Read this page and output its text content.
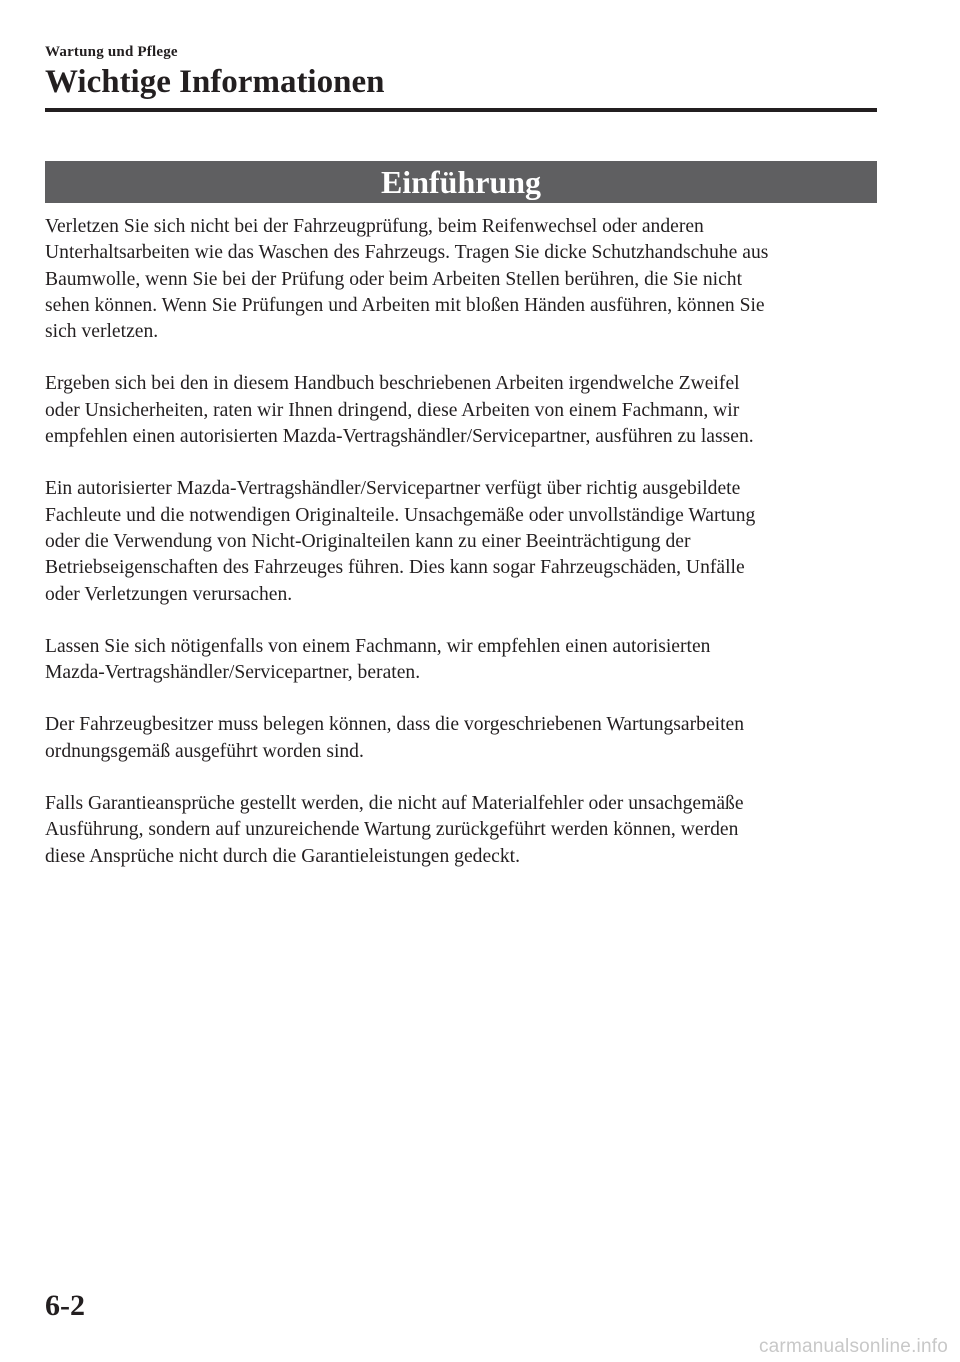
Wartung und Pflege
Wichtige Informationen
Einführung

Verletzen Sie sich nicht bei der Fahrzeugprüfung, beim Reifenwechsel oder anderen
Unterhaltsarbeiten wie das Waschen des Fahrzeugs. Tragen Sie dicke Schutzhandschuhe aus
Baumwolle, wenn Sie bei der Prüfung oder beim Arbeiten Stellen berühren, die Sie nicht
sehen können. Wenn Sie Prüfungen und Arbeiten mit bloßen Händen ausführen, können Sie
sich verletzen.

Ergeben sich bei den in diesem Handbuch beschriebenen Arbeiten irgendwelche Zweifel
oder Unsicherheiten, raten wir Ihnen dringend, diese Arbeiten von einem Fachmann, wir
empfehlen einen autorisierten Mazda-Vertragshändler/Servicepartner, ausführen zu lassen.

Ein autorisierter Mazda-Vertragshändler/Servicepartner verfügt über richtig ausgebildete
Fachleute und die notwendigen Originalteile. Unsachgemäße oder unvollständige Wartung
oder die Verwendung von Nicht-Originalteilen kann zu einer Beeinträchtigung der
Betriebseigenschaften des Fahrzeuges führen. Dies kann sogar Fahrzeugschäden, Unfälle
oder Verletzungen verursachen.

Lassen Sie sich nötigenfalls von einem Fachmann, wir empfehlen einen autorisierten
Mazda-Vertragshändler/Servicepartner, beraten.

Der Fahrzeugbesitzer muss belegen können, dass die vorgeschriebenen Wartungsarbeiten
ordnungsgemäß ausgeführt worden sind.

Falls Garantieansprüche gestellt werden, die nicht auf Materialfehler oder unsachgemäße
Ausführung, sondern auf unzureichende Wartung zurückgeführt werden können, werden
diese Ansprüche nicht durch die Garantieleistungen gedeckt.

6-2
carmanualsonline.info
